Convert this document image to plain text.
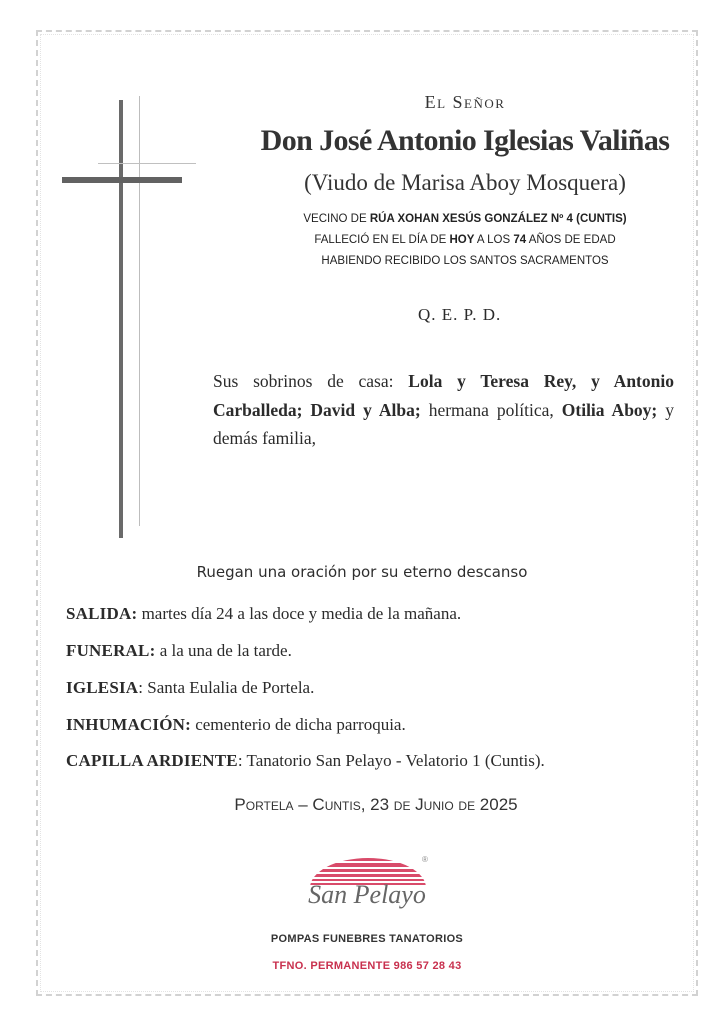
El Señor
Don José Antonio Iglesias Valiñas
(Viudo de Marisa Aboy Mosquera)
VECINO DE RÚA XOHAN XESÚS GONZÁLEZ Nº 4 (CUNTIS)
FALLECIÓ EN EL DÍA DE HOY A LOS 74 AÑOS DE EDAD
HABIENDO RECIBIDO LOS SANTOS SACRAMENTOS
Q. E. P. D.
Sus sobrinos de casa: Lola y Teresa Rey, y Antonio Carballeda; David y Alba; hermana política, Otilia Aboy; y demás familia,
Ruegan una oración por su eterno descanso
SALIDA: martes día 24 a las doce y media de la mañana.
FUNERAL: a la una de la tarde.
IGLESIA: Santa Eulalia de Portela.
INHUMACIÓN: cementerio de dicha parroquia.
CAPILLA ARDIENTE: Tanatorio San Pelayo - Velatorio 1 (Cuntis).
Portela – Cuntis, 23 de Junio de 2025
®
San Pelayo
POMPAS FUNEBRES TANATORIOS
TFNO. PERMANENTE 986 57 28 43
